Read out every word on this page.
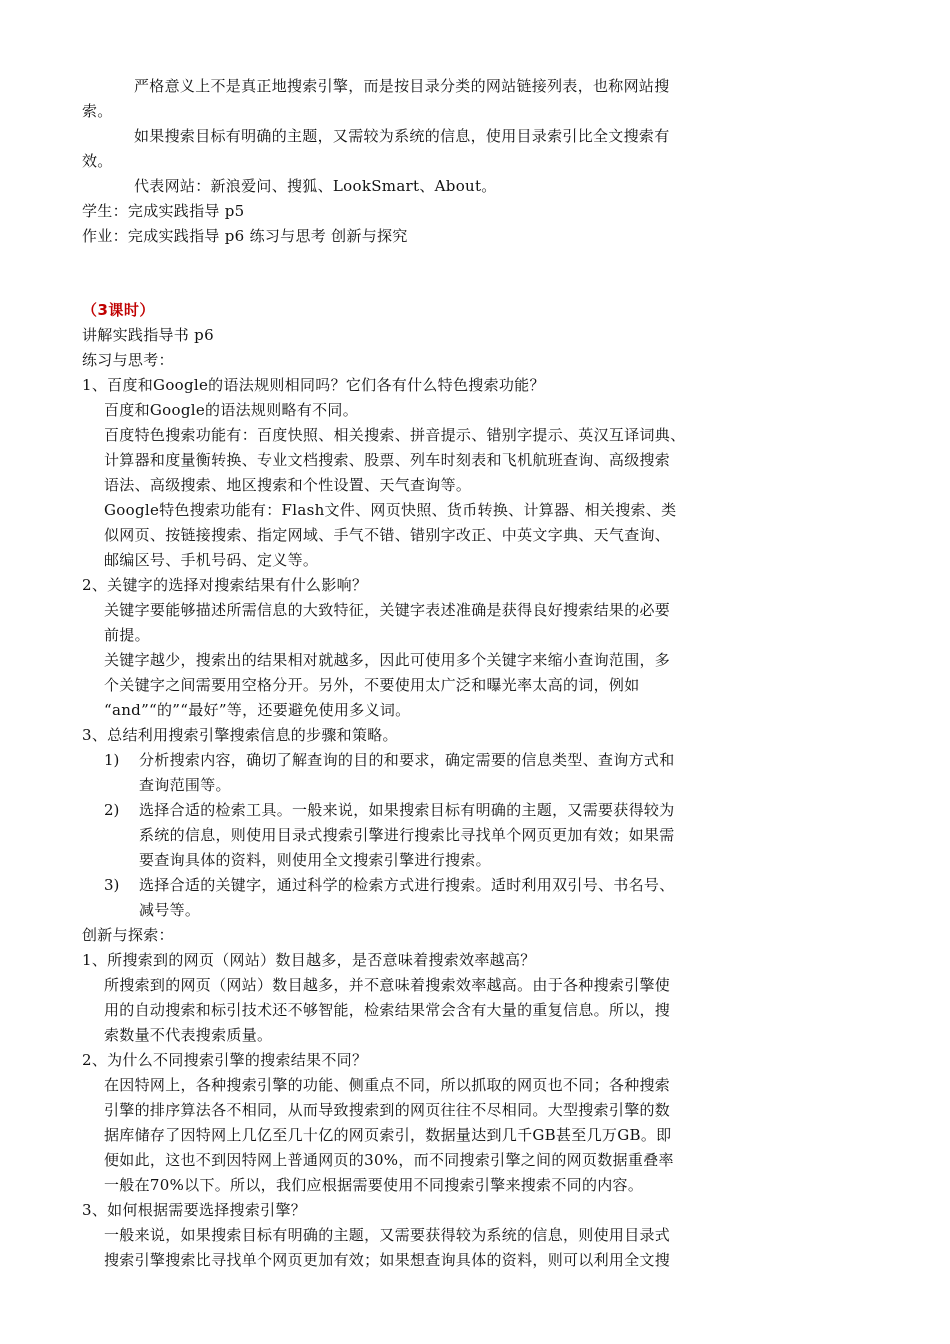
严格意义上不是真正地搜索引擎，而是按目录分类的网站链接列表，也称网站搜
索。
如果搜索目标有明确的主题，又需较为系统的信息，使用目录索引比全文搜索有
效。
代表网站：新浪爱问、搜狐、LookSmart、About。
学生：完成实践指导 p5
作业：完成实践指导 p6 练习与思考 创新与探究
（3课时）
讲解实践指导书 p6
练习与思考：
1、百度和Google的语法规则相同吗？它们各有什么特色搜索功能？
百度和Google的语法规则略有不同。
百度特色搜索功能有：百度快照、相关搜索、拼音提示、错别字提示、英汉互译词典、
计算器和度量衡转换、专业文档搜索、股票、列车时刻表和飞机航班查询、高级搜索
语法、高级搜索、地区搜索和个性设置、天气查询等。
Google特色搜索功能有：Flash文件、网页快照、货币转换、计算器、相关搜索、类
似网页、按链接搜索、指定网域、手气不错、错别字改正、中英文字典、天气查询、
邮编区号、手机号码、定义等。
2、关键字的选择对搜索结果有什么影响？
关键字要能够描述所需信息的大致特征，关键字表述准确是获得良好搜索结果的必要
前提。
关键字越少，搜索出的结果相对就越多，因此可使用多个关键字来缩小查询范围，多
个关键字之间需要用空格分开。另外，不要使用太广泛和曝光率太高的词，例如
“and”“的”“最好”等，还要避免使用多义词。
3、总结利用搜索引擎搜索信息的步骤和策略。
1) 分析搜索内容，确切了解查询的目的和要求，确定需要的信息类型、查询方式和
查询范围等。
2) 选择合适的检索工具。一般来说，如果搜索目标有明确的主题，又需要获得较为
系统的信息，则使用目录式搜索引擎进行搜索比寻找单个网页更加有效；如果需
要查询具体的资料，则使用全文搜索引擎进行搜索。
3) 选择合适的关键字，通过科学的检索方式进行搜索。适时利用双引号、书名号、
减号等。
创新与探索：
1、所搜索到的网页（网站）数目越多，是否意味着搜索效率越高？
所搜索到的网页（网站）数目越多，并不意味着搜索效率越高。由于各种搜索引擎使
用的自动搜索和标引技术还不够智能，检索结果常会含有大量的重复信息。所以，搜
索数量不代表搜索质量。
2、为什么不同搜索引擎的搜索结果不同？
在因特网上，各种搜索引擎的功能、侧重点不同，所以抓取的网页也不同；各种搜索
引擎的排序算法各不相同，从而导致搜索到的网页往往不尽相同。大型搜索引擎的数
据库储存了因特网上几亿至几十亿的网页索引，数据量达到几千GB甚至几万GB。即
便如此，这也不到因特网上普通网页的30%，而不同搜索引擎之间的网页数据重叠率
一般在70%以下。所以，我们应根据需要使用不同搜索引擎来搜索不同的内容。
3、如何根据需要选择搜索引擎？
一般来说，如果搜索目标有明确的主题，又需要获得较为系统的信息，则使用目录式
搜索引擎搜索比寻找单个网页更加有效；如果想查询具体的资料，则可以利用全文搜
